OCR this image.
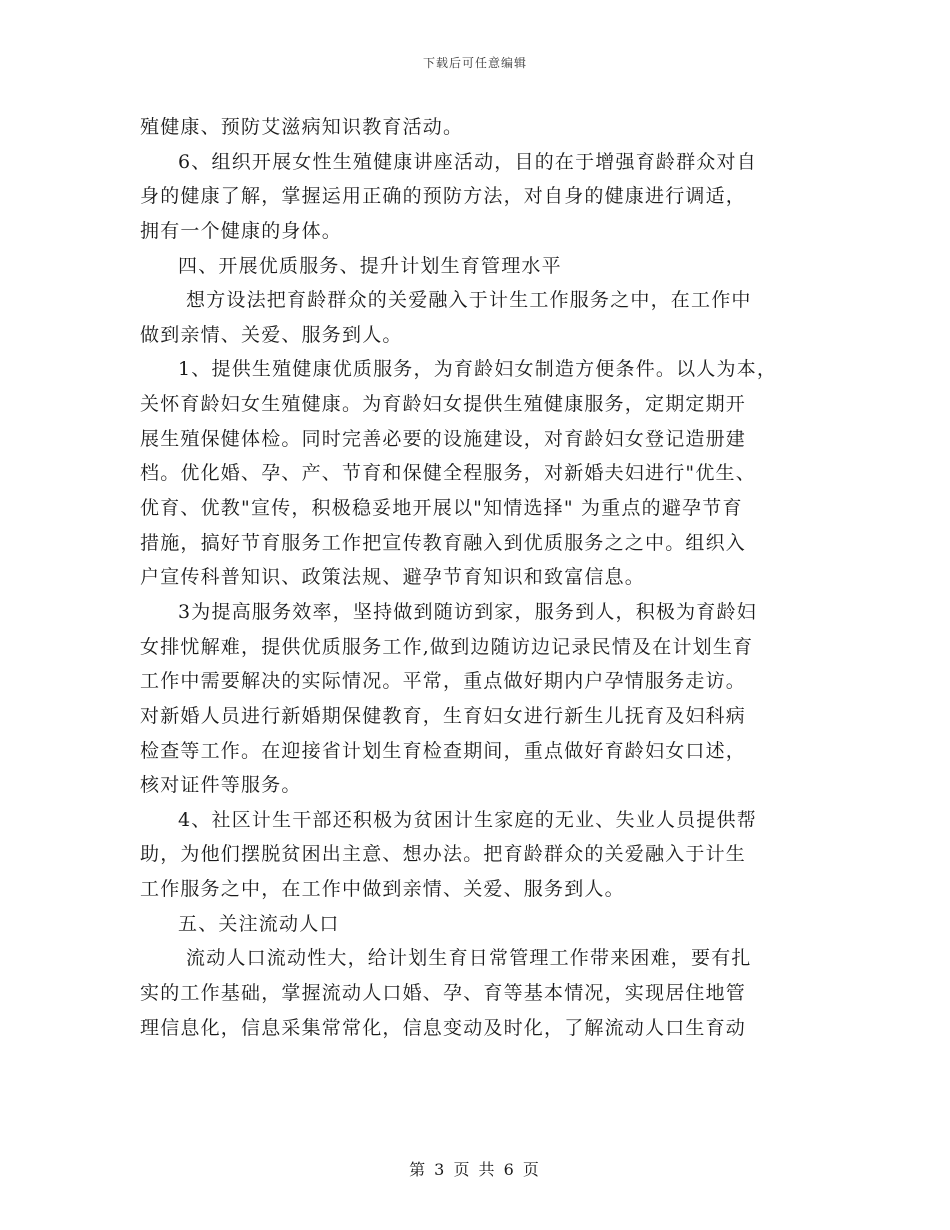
下载后可任意编辑
殖健康、预防艾滋病知识教育活动。
6、组织开展女性生殖健康讲座活动，目的在于增强育龄群众对自
身的健康了解，掌握运用正确的预防方法，对自身的健康进行调适，
拥有一个健康的身体。
四、开展优质服务、提升计划生育管理水平
想方设法把育龄群众的关爱融入于计生工作服务之中，在工作中
做到亲情、关爱、服务到人。
1、提供生殖健康优质服务，为育龄妇女制造方便条件。以人为本，
关怀育龄妇女生殖健康。为育龄妇女提供生殖健康服务，定期定期开
展生殖保健体检。同时完善必要的设施建设，对育龄妇女登记造册建
档。优化婚、孕、产、节育和保健全程服务，对新婚夫妇进行"优生、
优育、优教"宣传，积极稳妥地开展以"知情选择" 为重点的避孕节育
措施，搞好节育服务工作把宣传教育融入到优质服务之之中。组织入
户宣传科普知识、政策法规、避孕节育知识和致富信息。
3为提高服务效率，坚持做到随访到家，服务到人，积极为育龄妇
女排忧解难，提供优质服务工作,做到边随访边记录民情及在计划生育
工作中需要解决的实际情况。平常，重点做好期内户孕情服务走访。
对新婚人员进行新婚期保健教育，生育妇女进行新生儿抚育及妇科病
检查等工作。在迎接省计划生育检查期间，重点做好育龄妇女口述，
核对证件等服务。
4、社区计生干部还积极为贫困计生家庭的无业、失业人员提供帮
助，为他们摆脱贫困出主意、想办法。把育龄群众的关爱融入于计生
工作服务之中，在工作中做到亲情、关爱、服务到人。
五、关注流动人口
流动人口流动性大，给计划生育日常管理工作带来困难，要有扎
实的工作基础，掌握流动人口婚、孕、育等基本情况，实现居住地管
理信息化，信息采集常常化，信息变动及时化，了解流动人口生育动
第 3 页 共 6 页
